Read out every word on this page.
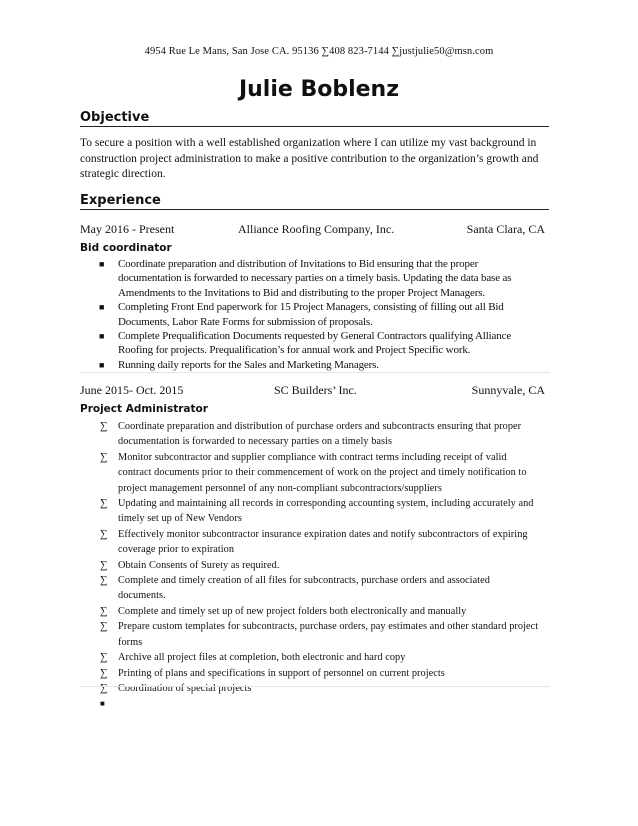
4954 Rue Le Mans, San Jose CA. 95136 ∑408 823-7144 ∑justjulie50@msn.com
Julie Boblenz
Objective
To secure a position with a well established organization where I can utilize my vast background in construction project administration to make a positive contribution to the organization’s growth and strategic direction.
Experience
May 2016 - Present	Alliance Roofing Company, Inc.	Santa Clara, CA
Bid coordinator
■ Coordinate preparation and distribution of Invitations to Bid ensuring that the proper documentation is forwarded to necessary parties on a timely basis. Updating the data base as Amendments to the Invitations to Bid and distributing to the proper Project Managers.
■ Completing Front End paperwork for 15 Project Managers, consisting of filling out all Bid Documents, Labor Rate Forms for submission of proposals.
■ Complete Prequalification Documents requested by General Contractors qualifying Alliance Roofing for projects. Prequalification’s for annual work and Project Specific work.
■ Running daily reports for the Sales and Marketing Managers.
June 2015- Oct. 2015	SC Builders’ Inc.	Sunnyvale, CA
Project Administrator
∑ Coordinate preparation and distribution of purchase orders and subcontracts ensuring that proper documentation is forwarded to necessary parties on a timely basis
∑ Monitor subcontractor and supplier compliance with contract terms including receipt of valid contract documents prior to their commencement of work on the project and timely notification to project management personnel of any non-compliant subcontractors/suppliers
∑ Updating and maintaining all records in corresponding accounting system, including accurately and timely set up of New Vendors
∑ Effectively monitor subcontractor insurance expiration dates and notify subcontractors of expiring coverage prior to expiration
∑ Obtain Consents of Surety as required.
∑ Complete and timely creation of all files for subcontracts, purchase orders and associated documents.
∑ Complete and timely set up of new project folders both electronically and manually
∑ Prepare custom templates for subcontracts, purchase orders, pay estimates and other standard project forms
∑ Archive all project files at completion, both electronic and hard copy
∑ Printing of plans and specifications in support of personnel on current projects
∑ Coordination of special projects
■
